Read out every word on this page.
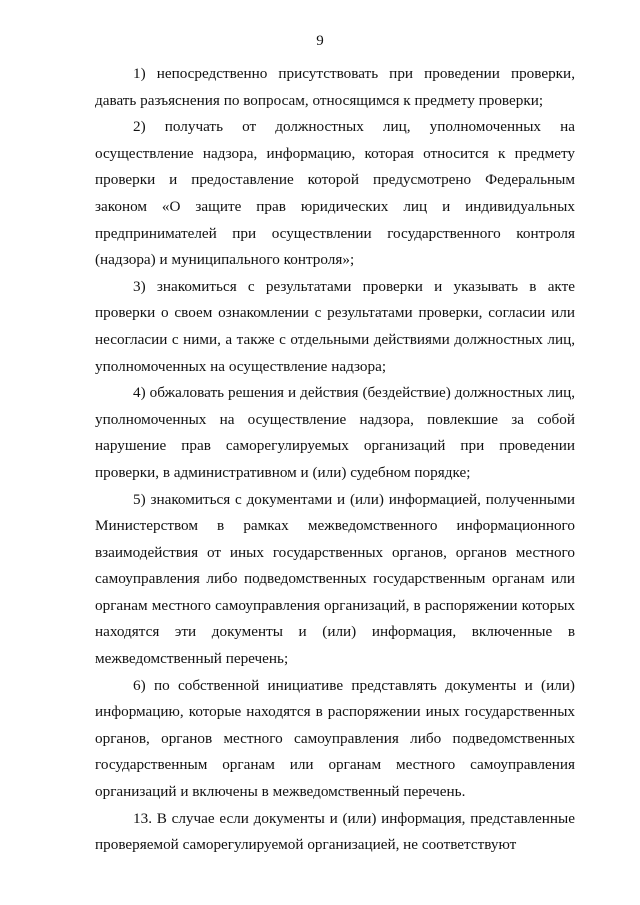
9

1) непосредственно присутствовать при проведении проверки, давать разъяснения по вопросам, относящимся к предмету проверки;

2) получать от должностных лиц, уполномоченных на осуществление надзора, информацию, которая относится к предмету проверки и предоставление которой предусмотрено Федеральным законом «О защите прав юридических лиц и индивидуальных предпринимателей при осуществлении государственного контроля (надзора) и муниципального контроля»;

3) знакомиться с результатами проверки и указывать в акте проверки о своем ознакомлении с результатами проверки, согласии или несогласии с ними, а также с отдельными действиями должностных лиц, уполномоченных на осуществление надзора;

4) обжаловать решения и действия (бездействие) должностных лиц, уполномоченных на осуществление надзора, повлекшие за собой нарушение прав саморегулируемых организаций при проведении проверки, в административном и (или) судебном порядке;

5) знакомиться с документами и (или) информацией, полученными Министерством в рамках межведомственного информационного взаимодействия от иных государственных органов, органов местного самоуправления либо подведомственных государственным органам или органам местного самоуправления организаций, в распоряжении которых находятся эти документы и (или) информация, включенные в межведомственный перечень;

6) по собственной инициативе представлять документы и (или) информацию, которые находятся в распоряжении иных государственных органов, органов местного самоуправления либо подведомственных государственным органам или органам местного самоуправления организаций и включены в межведомственный перечень.

13. В случае если документы и (или) информация, представленные проверяемой саморегулируемой организацией, не соответствуют
